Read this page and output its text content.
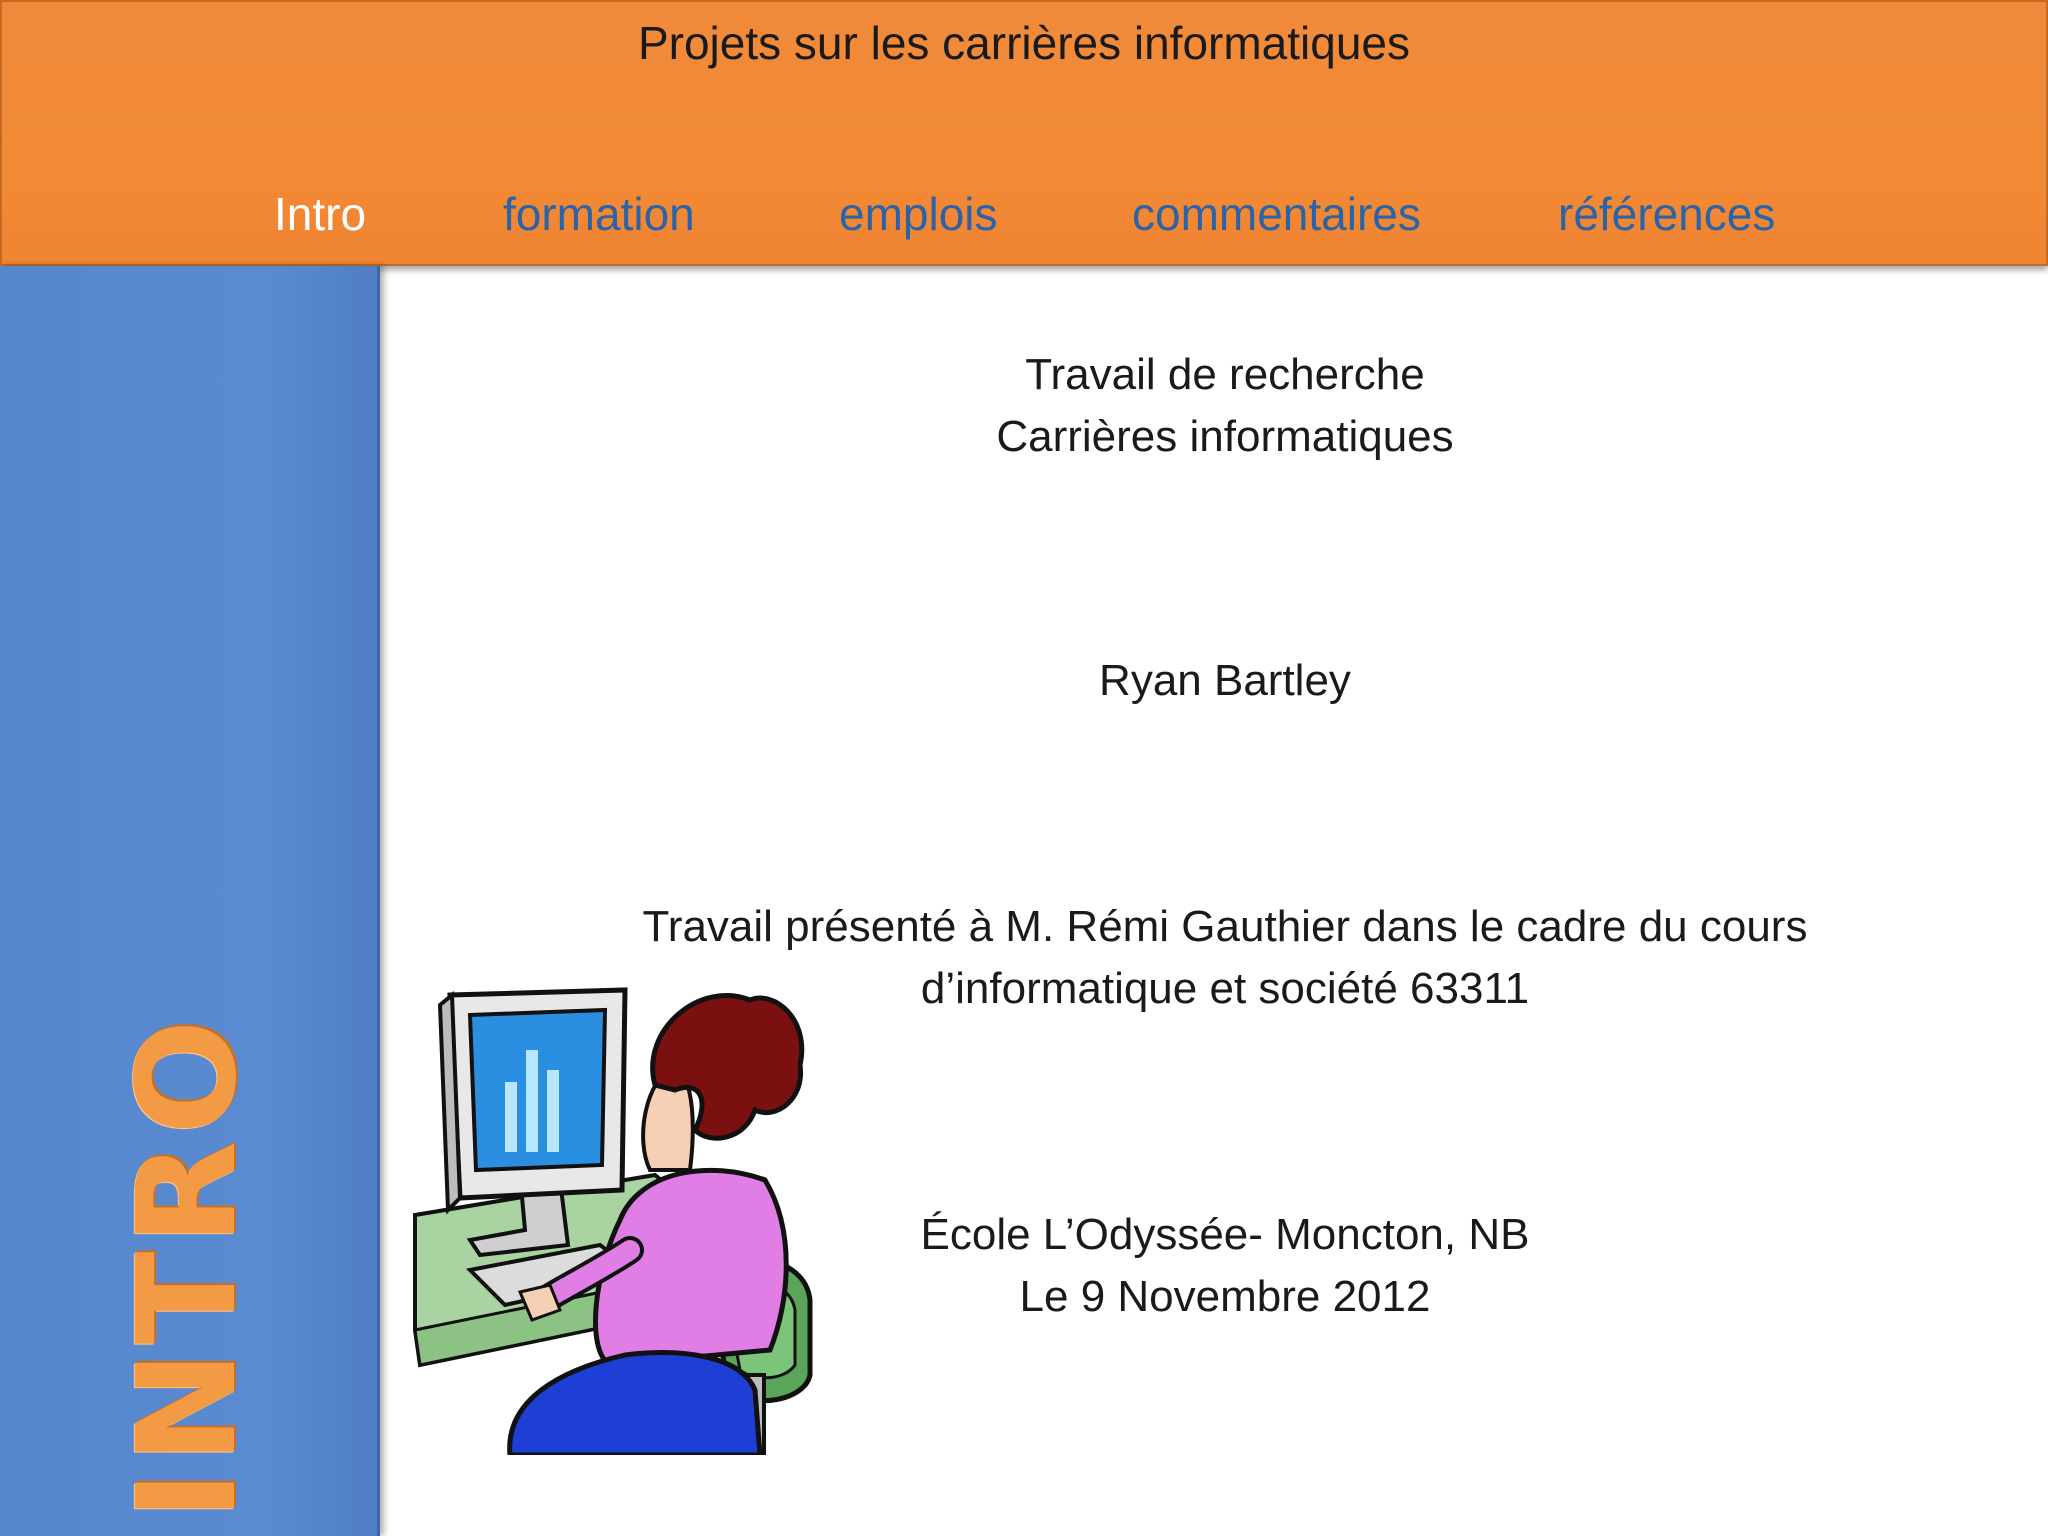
Projets sur les carrières informatiques
Intro	formation	emplois	commentaires	références
INTRO
Travail de recherche
Carrières informatiques
Ryan Bartley
Travail présenté à M. Rémi Gauthier dans le cadre du cours
d’informatique et société 63311
École L’Odyssée- Moncton, NB
Le 9 Novembre 2012
